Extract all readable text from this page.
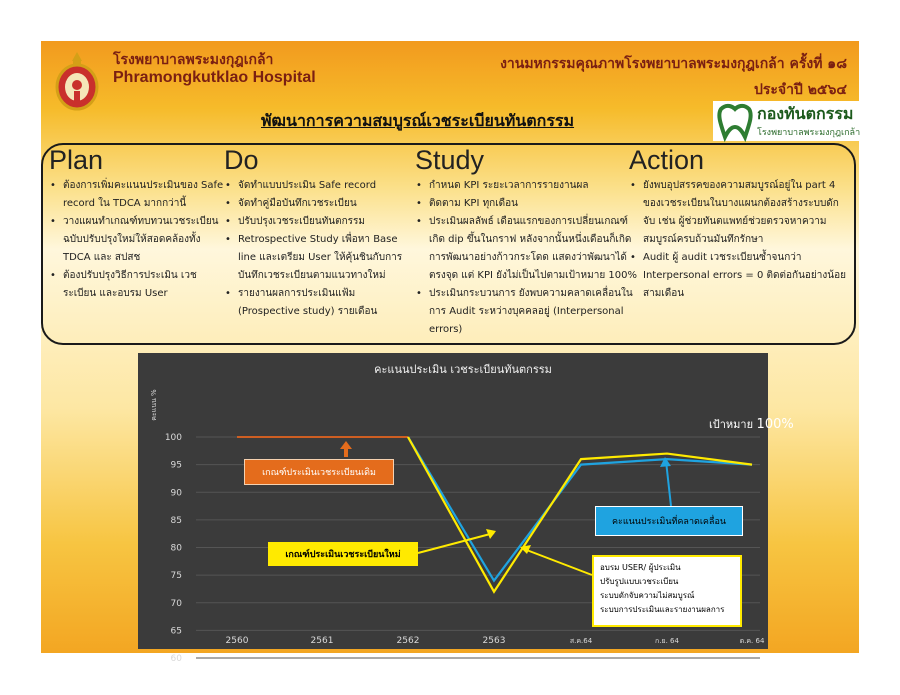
โรงพยาบาลพระมงกุฎเกล้า
Phramongkutklao Hospital
งานมหกรรมคุณภาพโรงพยาบาลพระมงกุฎเกล้า ครั้งที่ ๑๘
ประจำปี ๒๕๖๔
กองทันตกรรม
โรงพยาบาลพระมงกุฎเกล้า
พัฒนาการความสมบูรณ์เวชระเบียนทันตกรรม
Plan
• ต้องการเพิ่มคะแนนประเมินของ Safe record ใน TDCA มากกว่านี้
• วางแผนทำเกณฑ์ทบทวนเวชระเบียนฉบับปรับปรุงใหม่ให้สอดคล้องทั้ง TDCA และ สปสช
• ต้องปรับปรุงวิธีการประเมิน เวชระเบียน และอบรม User
Do
• จัดทำแบบประเมิน Safe record
• จัดทำคู่มือบันทึกเวชระเบียน
• ปรับปรุงเวชระเบียนทันตกรรม
• Retrospective Study เพื่อหา Base line และเตรียม User ให้คุ้นชินกับการบันทึกเวชระเบียนตามแนวทางใหม่
• รายงานผลการประเมินแฟ้ม (Prospective study) รายเดือน
Study
• กำหนด KPI ระยะเวลาการรายงานผล
• ติดตาม KPI ทุกเดือน
• ประเมินผลลัพธ์ เดือนแรกของการเปลี่ยนเกณฑ์เกิด dip ขึ้นในกราฟ หลังจากนั้นหนึ่งเดือนก็เกิดการพัฒนาอย่างก้าวกระโดด แสดงว่าพัฒนาได้ตรงจุด แต่ KPI ยังไม่เป็นไปตามเป้าหมาย 100%
• ประเมินกระบวนการ ยังพบความคลาดเคลื่อนในการ Audit ระหว่างบุคคลอยู่ (Interpersonal errors)
Action
• ยังพบอุปสรรคของความสมบูรณ์อยู่ใน part 4 ของเวชระเบียนในบางแผนกต้องสร้างระบบดักจับ เช่น ผู้ช่วยทันตแพทย์ช่วยตรวจหาความสมบูรณ์ครบถ้วนมันทึกรักษา
• Audit ผู้ audit เวชระเบียนซ้ำจนกว่า Interpersonal errors = 0 ติดต่อกันอย่างน้อยสามเดือน
คะแนนประเมิน เวชระเบียนทันตกรรม
คะแนน %
60
65
70
75
80
85
90
95
100
2560	2561	2562	2563	ส.ค.64	ก.ย. 64	ต.ค. 64
เป้าหมาย 100%
เกณฑ์ประเมินเวชระเบียนเดิม
เกณฑ์ประเมินเวชระเบียนใหม่
คะแนนประเมินที่คลาดเคลื่อน
อบรม USER/ ผู้ประเมิน
ปรับรูปแบบเวชระเบียน
ระบบดักจับความไม่สมบูรณ์
ระบบการประเมินและรายงานผลการ
